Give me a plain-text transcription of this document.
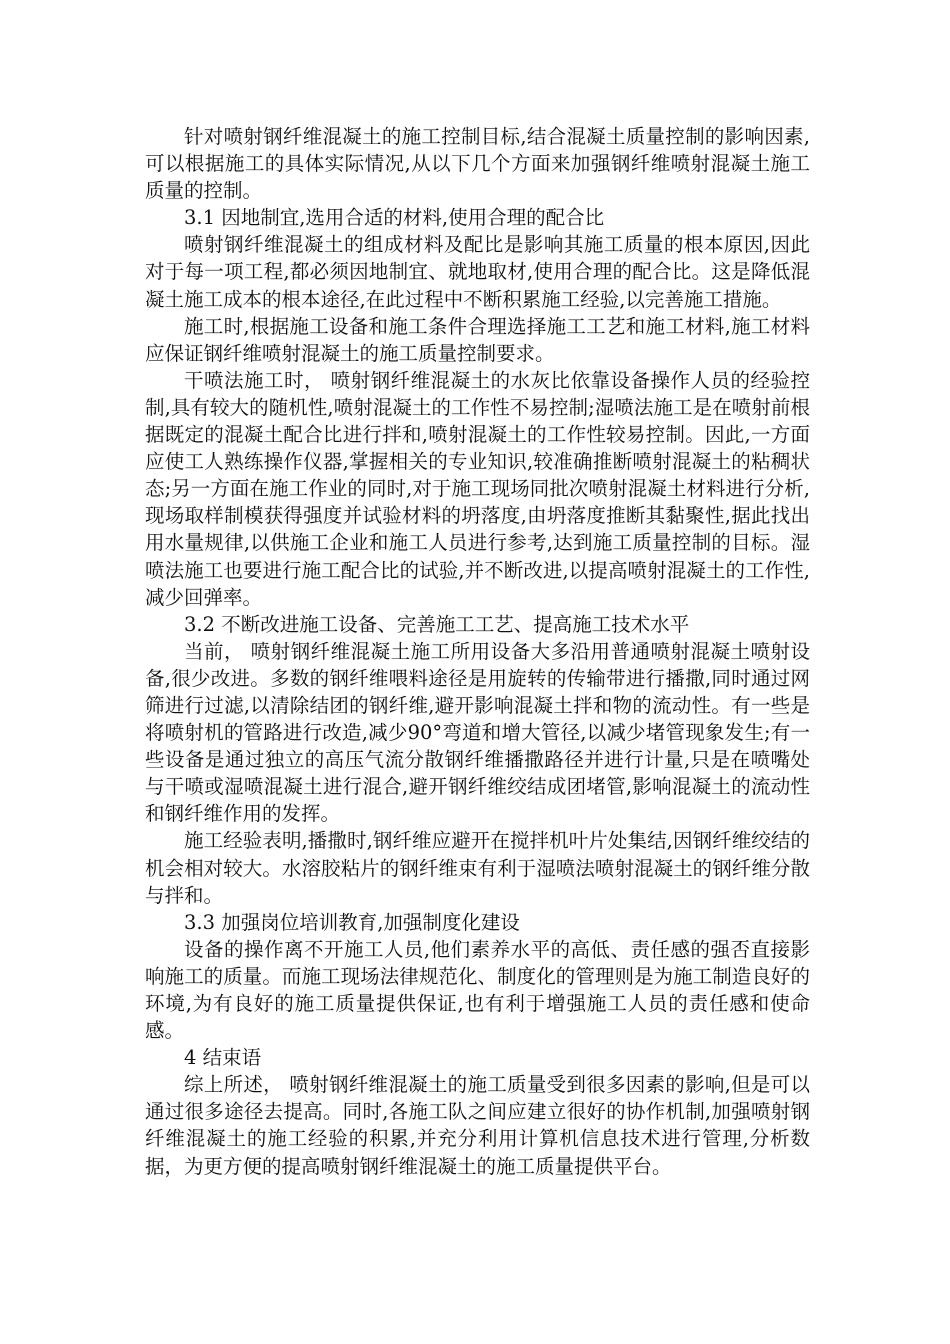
针对喷射钢纤维混凝土的施工控制目标,结合混凝土质量控制的影响因素,可以根据施工的具体实际情况,从以下几个方面来加强钢纤维喷射混凝土施工质量的控制。

3.1 因地制宜,选用合适的材料,使用合理的配合比

喷射钢纤维混凝土的组成材料及配比是影响其施工质量的根本原因,因此对于每一项工程,都必须因地制宜、就地取材,使用合理的配合比。这是降低混凝土施工成本的根本途径,在此过程中不断积累施工经验,以完善施工措施。

施工时,根据施工设备和施工条件合理选择施工工艺和施工材料,施工材料应保证钢纤维喷射混凝土的施工质量控制要求。

干喷法施工时， 喷射钢纤维混凝土的水灰比依靠设备操作人员的经验控制,具有较大的随机性,喷射混凝土的工作性不易控制;湿喷法施工是在喷射前根据既定的混凝土配合比进行拌和,喷射混凝土的工作性较易控制。因此,一方面应使工人熟练操作仪器,掌握相关的专业知识,较准确推断喷射混凝土的粘稠状态;另一方面在施工作业的同时,对于施工现场同批次喷射混凝土材料进行分析,现场取样制模获得强度并试验材料的坍落度,由坍落度推断其黏聚性,据此找出用水量规律,以供施工企业和施工人员进行参考,达到施工质量控制的目标。湿喷法施工也要进行施工配合比的试验,并不断改进,以提高喷射混凝土的工作性,减少回弹率。

3.2 不断改进施工设备、完善施工工艺、提高施工技术水平

当前， 喷射钢纤维混凝土施工所用设备大多沿用普通喷射混凝土喷射设备,很少改进。多数的钢纤维喂料途径是用旋转的传输带进行播撒,同时通过网筛进行过滤,以清除结团的钢纤维,避开影响混凝土拌和物的流动性。有一些是将喷射机的管路进行改造,减少90°弯道和增大管径,以减少堵管现象发生;有一些设备是通过独立的高压气流分散钢纤维播撒路径并进行计量,只是在喷嘴处与干喷或湿喷混凝土进行混合,避开钢纤维绞结成团堵管,影响混凝土的流动性和钢纤维作用的发挥。

施工经验表明,播撒时,钢纤维应避开在搅拌机叶片处集结,因钢纤维绞结的机会相对较大。水溶胶粘片的钢纤维束有利于湿喷法喷射混凝土的钢纤维分散与拌和。

3.3 加强岗位培训教育,加强制度化建设

设备的操作离不开施工人员,他们素养水平的高低、责任感的强否直接影响施工的质量。而施工现场法律规范化、制度化的管理则是为施工制造良好的环境,为有良好的施工质量提供保证,也有利于增强施工人员的责任感和使命感。

4 结束语

综上所述， 喷射钢纤维混凝土的施工质量受到很多因素的影响,但是可以通过很多途径去提高。同时,各施工队之间应建立很好的协作机制,加强喷射钢纤维混凝土的施工经验的积累,并充分利用计算机信息技术进行管理,分析数据，为更方便的提高喷射钢纤维混凝土的施工质量提供平台。
